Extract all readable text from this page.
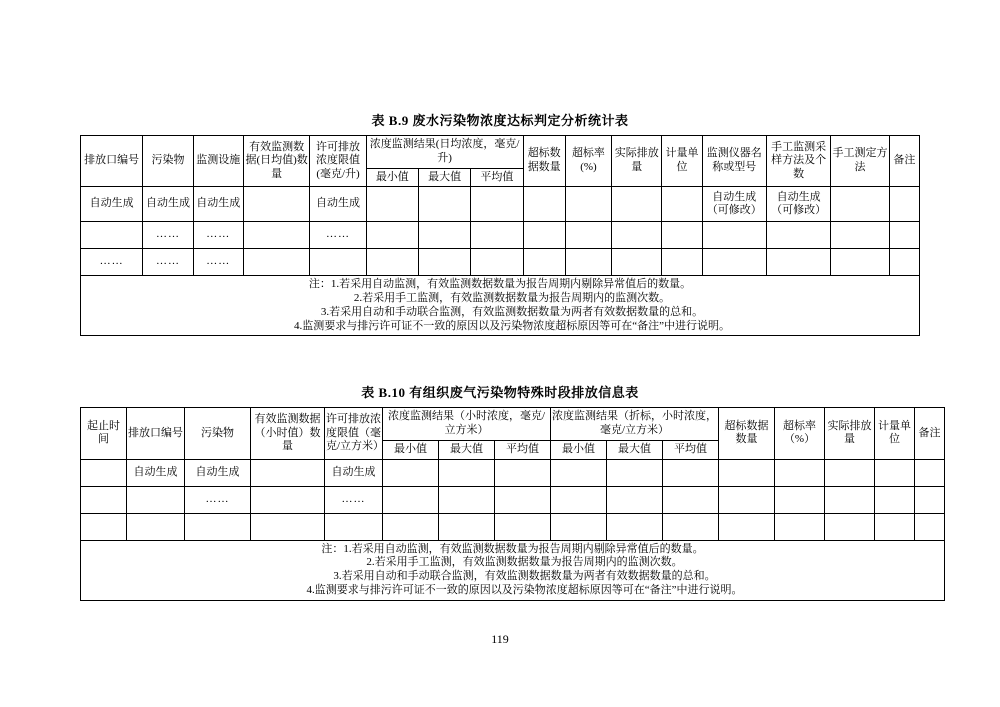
表 B.9 废水污染物浓度达标判定分析统计表
排放口编号	污染物	监测设施	有效监测数据(日均值)数量	许可排放浓度限值(毫克/升)	浓度监测结果(日均浓度，毫克/升)			超标数据数量	超标率(%)	实际排放量	计量单位	监测仪器名称或型号	手工监测采样方法及个数	手工测定方法	备注
					最小值	最大值	平均值								
自动生成	自动生成	自动生成		自动生成								自动生成（可修改）	自动生成（可修改）		
	……	……		……											
……	……	……													

注：1.若采用自动监测，有效监测数据数量为报告周期内剔除异常值后的数量。
2.若采用手工监测，有效监测数据数量为报告周期内的监测次数。
3.若采用自动和手动联合监测，有效监测数据数量为两者有效数据数量的总和。
4.监测要求与排污许可证不一致的原因以及污染物浓度超标原因等可在“备注”中进行说明。															
表 B.10 有组织废气污染物特殊时段排放信息表
起止时间	排放口编号	污染物	有效监测数据（小时值）数量	许可排放浓度限值（毫克/立方米）	浓度监测结果（小时浓度，毫克/立方米）			浓度监测结果（折标，小时浓度，毫克/立方米）			超标数据数量	超标率（%）	实际排放量	计量单位	备注
					最小值	最大值	平均值	最小值	最大值	平均值					
	自动生成	自动生成		自动生成											
		……		……											

注：1.若采用自动监测，有效监测数据数量为报告周期内剔除异常值后的数量。
2.若采用手工监测，有效监测数据数量为报告周期内的监测次数。
3.若采用自动和手动联合监测，有效监测数据数量为两者有效数据数量的总和。
4.监测要求与排污许可证不一致的原因以及污染物浓度超标原因等可在“备注”中进行说明。															
119
